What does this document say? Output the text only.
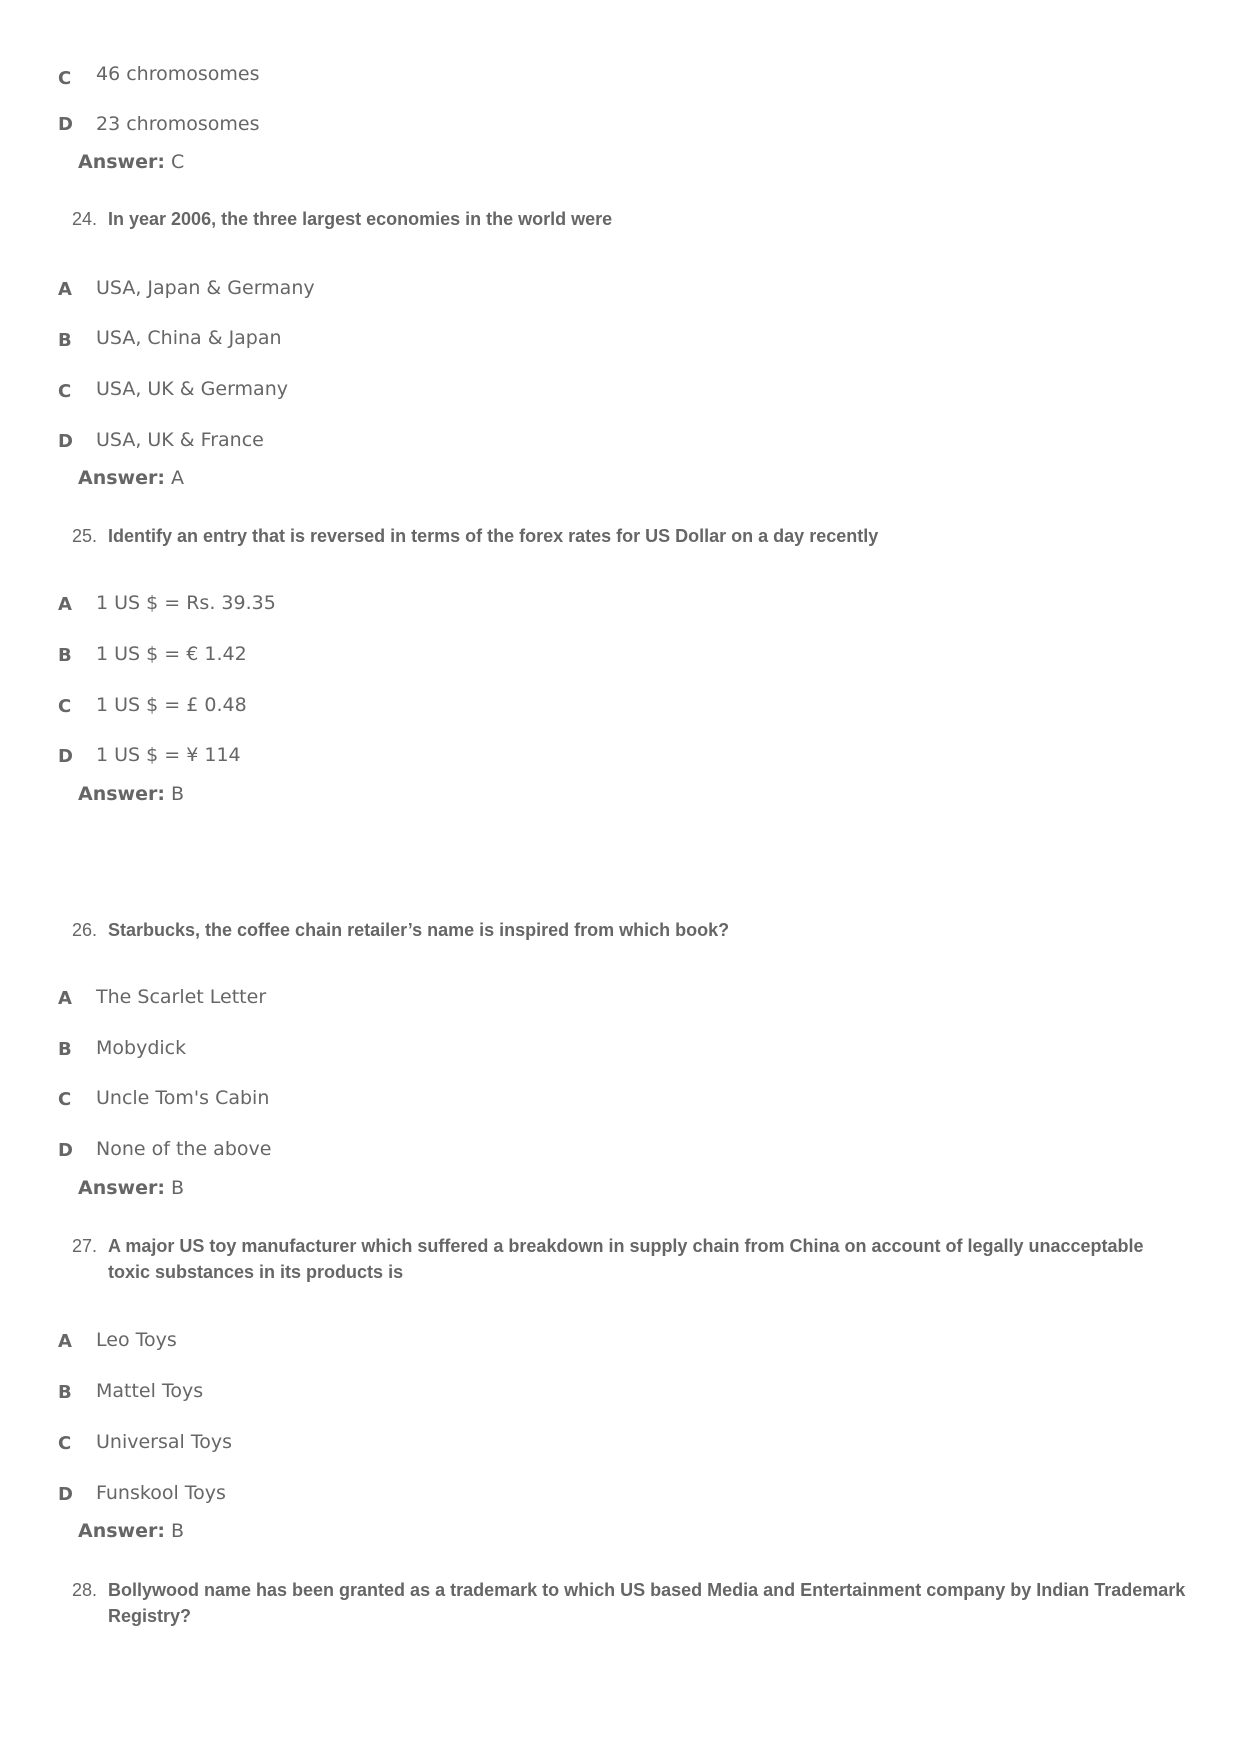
C 46 chromosomes
D 23 chromosomes
Answer: C
24. In year 2006, the three largest economies in the world were
A USA, Japan & Germany
B USA, China & Japan
C USA, UK & Germany
D USA, UK & France
Answer: A
25. Identify an entry that is reversed in terms of the forex rates for US Dollar on a day recently
A 1 US $ = Rs. 39.35
B 1 US $ = € 1.42
C 1 US $ = £ 0.48
D 1 US $ = ¥ 114
Answer: B
26. Starbucks, the coffee chain retailer’s name is inspired from which book?
A The Scarlet Letter
B Mobydick
C Uncle Tom's Cabin
D None of the above
Answer: B
27. A major US toy manufacturer which suffered a breakdown in supply chain from China on account of legally unacceptable toxic substances in its products is
A Leo Toys
B Mattel Toys
C Universal Toys
D Funskool Toys
Answer: B
28. Bollywood name has been granted as a trademark to which US based Media and Entertainment company by Indian Trademark Registry?
